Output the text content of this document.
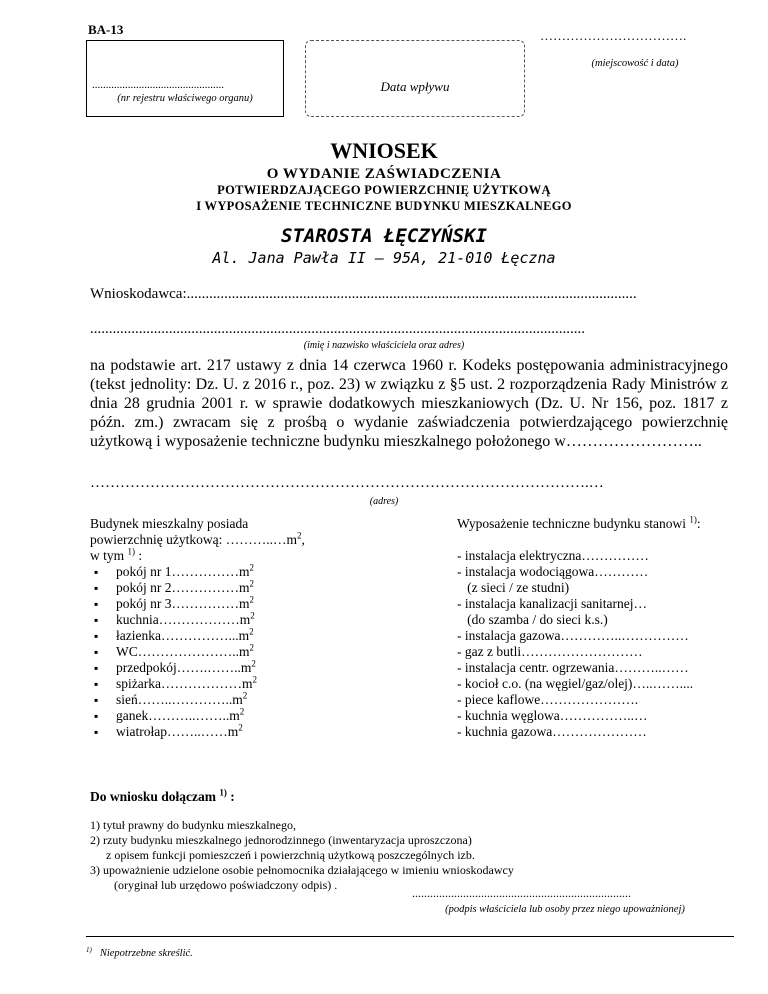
BA-13
................................................
(nr rejestru właściwego organu)
Data wpływu
…………………………….
(miejscowość i data)
WNIOSEK
O WYDANIE ZAŚWIADCZENIA
POTWIERDZAJĄCEGO POWIERZCHNIĘ UŻYTKOWĄ
I WYPOSAŻENIE TECHNICZNE BUDYNKU MIESZKALNEGO
STAROSTA ŁĘCZYŃSKI
Al. Jana Pawła II – 95A, 21-010 Łęczna
Wnioskodawca:........................................................................................................................
....................................................................................................................................
(imię i nazwisko właściciela oraz adres)

na podstawie art. 217 ustawy z dnia 14 czerwca 1960 r. Kodeks postępowania administracyjnego (tekst jednolity: Dz. U. z 2016 r., poz. 23) w związku z §5 ust. 2 rozporządzenia Rady Ministrów z dnia 28 grudnia 2001 r. w sprawie dodatkowych mieszkaniowych (Dz. U. Nr 156, poz. 1817 z późn. zm.) zwracam się z prośbą o wydanie zaświadczenia potwierdzającego powierzchnię użytkową i wyposażenie techniczne budynku mieszkalnego położonego w……………………..

……………………………………………………………………………………….…
(adres)
Budynek mieszkalny posiada
powierzchnię użytkową: $\dots\dots\dots..\dots m^2$,
w tym $^{1)}$ :
▪ pokój nr $1\dots\dots\dots\dots\dots m^2$
▪ pokój nr $2\dots\dots\dots\dots\dots m^2$
▪ pokój nr $3\dots\dots\dots\dots\dots m^2$
▪ $kuchnia\dots\dots\dots\dots\dots\dots m^2$
▪ $łazienka\dots\dots\dots\dots\dots...m^2$
▪ $WC\dots\dots\dots\dots\dots\dots\dots..m^2$
▪ $przedpokój\dots\dots.\dots\dots..m^2$
▪ $spiżarka\dots\dots\dots\dots\dots\dots m^2$
▪ $sień\dots\dots..\dots\dots\dots\dots..m^2$
▪ $ganek\dots\dots\dots..\dots\dots..m^2$
▪ $wiatrołap\dots\dots..\dots\dots m^2$
Wyposażenie techniczne budynku stanowi $^{1)}$:
- instalacja elektryczna……………
- instalacja wodociągowa…………
(z sieci / ze studni)
- instalacja kanalizacji sanitarnej…
(do szamba / do sieci k.s.)
- instalacja gazowa…………..……………
- gaz z butli………………………
- instalacja centr. ogrzewania………..……
- kocioł c.o. (na węgiel/gaz/olej)…..……....
- piece kaflowe………………….
- kuchnia węglowa……………..…
- kuchnia gazowa…………………
Do wniosku dołączam $^{1)}$ :
1) tytuł prawny do budynku mieszkalnego,
2) rzuty budynku mieszkalnego jednorodzinnego (inwentaryzacja uproszczona)
z opisem funkcji pomieszczeń i powierzchnią użytkową poszczególnych izb.
3) upoważnienie udzielone osobie pełnomocnika działającego w imieniu wnioskodawcy
(oryginał lub urzędowo poświadczony odpis) .
.........................................................................
(podpis właściciela lub osoby przez niego upoważnionej)
$^{1)}$ Niepotrzebne skreślić.
